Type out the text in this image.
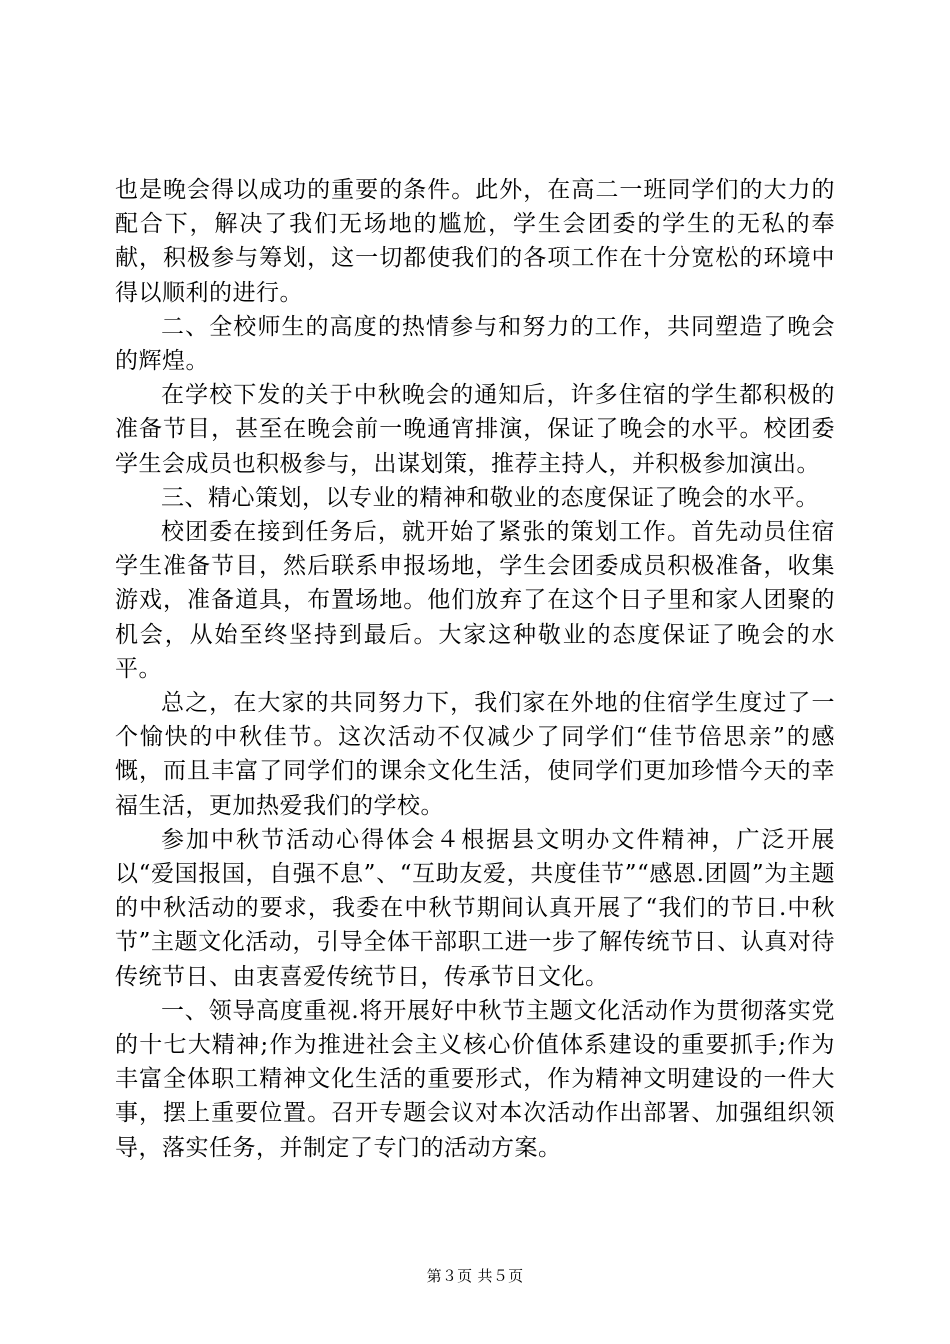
也是晚会得以成功的重要的条件。此外，在高二一班同学们的大力的配合下，解决了我们无场地的尴尬，学生会团委的学生的无私的奉献，积极参与筹划，这一切都使我们的各项工作在十分宽松的环境中得以顺利的进行。

二、全校师生的高度的热情参与和努力的工作，共同塑造了晚会的辉煌。

在学校下发的关于中秋晚会的通知后，许多住宿的学生都积极的准备节目，甚至在晚会前一晚通宵排演，保证了晚会的水平。校团委学生会成员也积极参与，出谋划策，推荐主持人，并积极参加演出。

三、精心策划，以专业的精神和敬业的态度保证了晚会的水平。

校团委在接到任务后，就开始了紧张的策划工作。首先动员住宿学生准备节目，然后联系申报场地，学生会团委成员积极准备，收集游戏，准备道具，布置场地。他们放弃了在这个日子里和家人团聚的机会，从始至终坚持到最后。大家这种敬业的态度保证了晚会的水平。

总之，在大家的共同努力下，我们家在外地的住宿学生度过了一个愉快的中秋佳节。这次活动不仅减少了同学们“佳节倍思亲”的感慨，而且丰富了同学们的课余文化生活，使同学们更加珍惜今天的幸福生活，更加热爱我们的学校。

参加中秋节活动心得体会４根据县文明办文件精神，广泛开展以“爱国报国，自强不息”、“互助友爱，共度佳节”“感恩.团圆”为主题的中秋活动的要求，我委在中秋节期间认真开展了“我们的节日.中秋节”主题文化活动，引导全体干部职工进一步了解传统节日、认真对待传统节日、由衷喜爱传统节日，传承节日文化。

一、领导高度重视.将开展好中秋节主题文化活动作为贯彻落实党的十七大精神;作为推进社会主义核心价值体系建设的重要抓手;作为丰富全体职工精神文化生活的重要形式，作为精神文明建设的一件大事，摆上重要位置。召开专题会议对本次活动作出部署、加强组织领导，落实任务，并制定了专门的活动方案。

第３页 共５页
